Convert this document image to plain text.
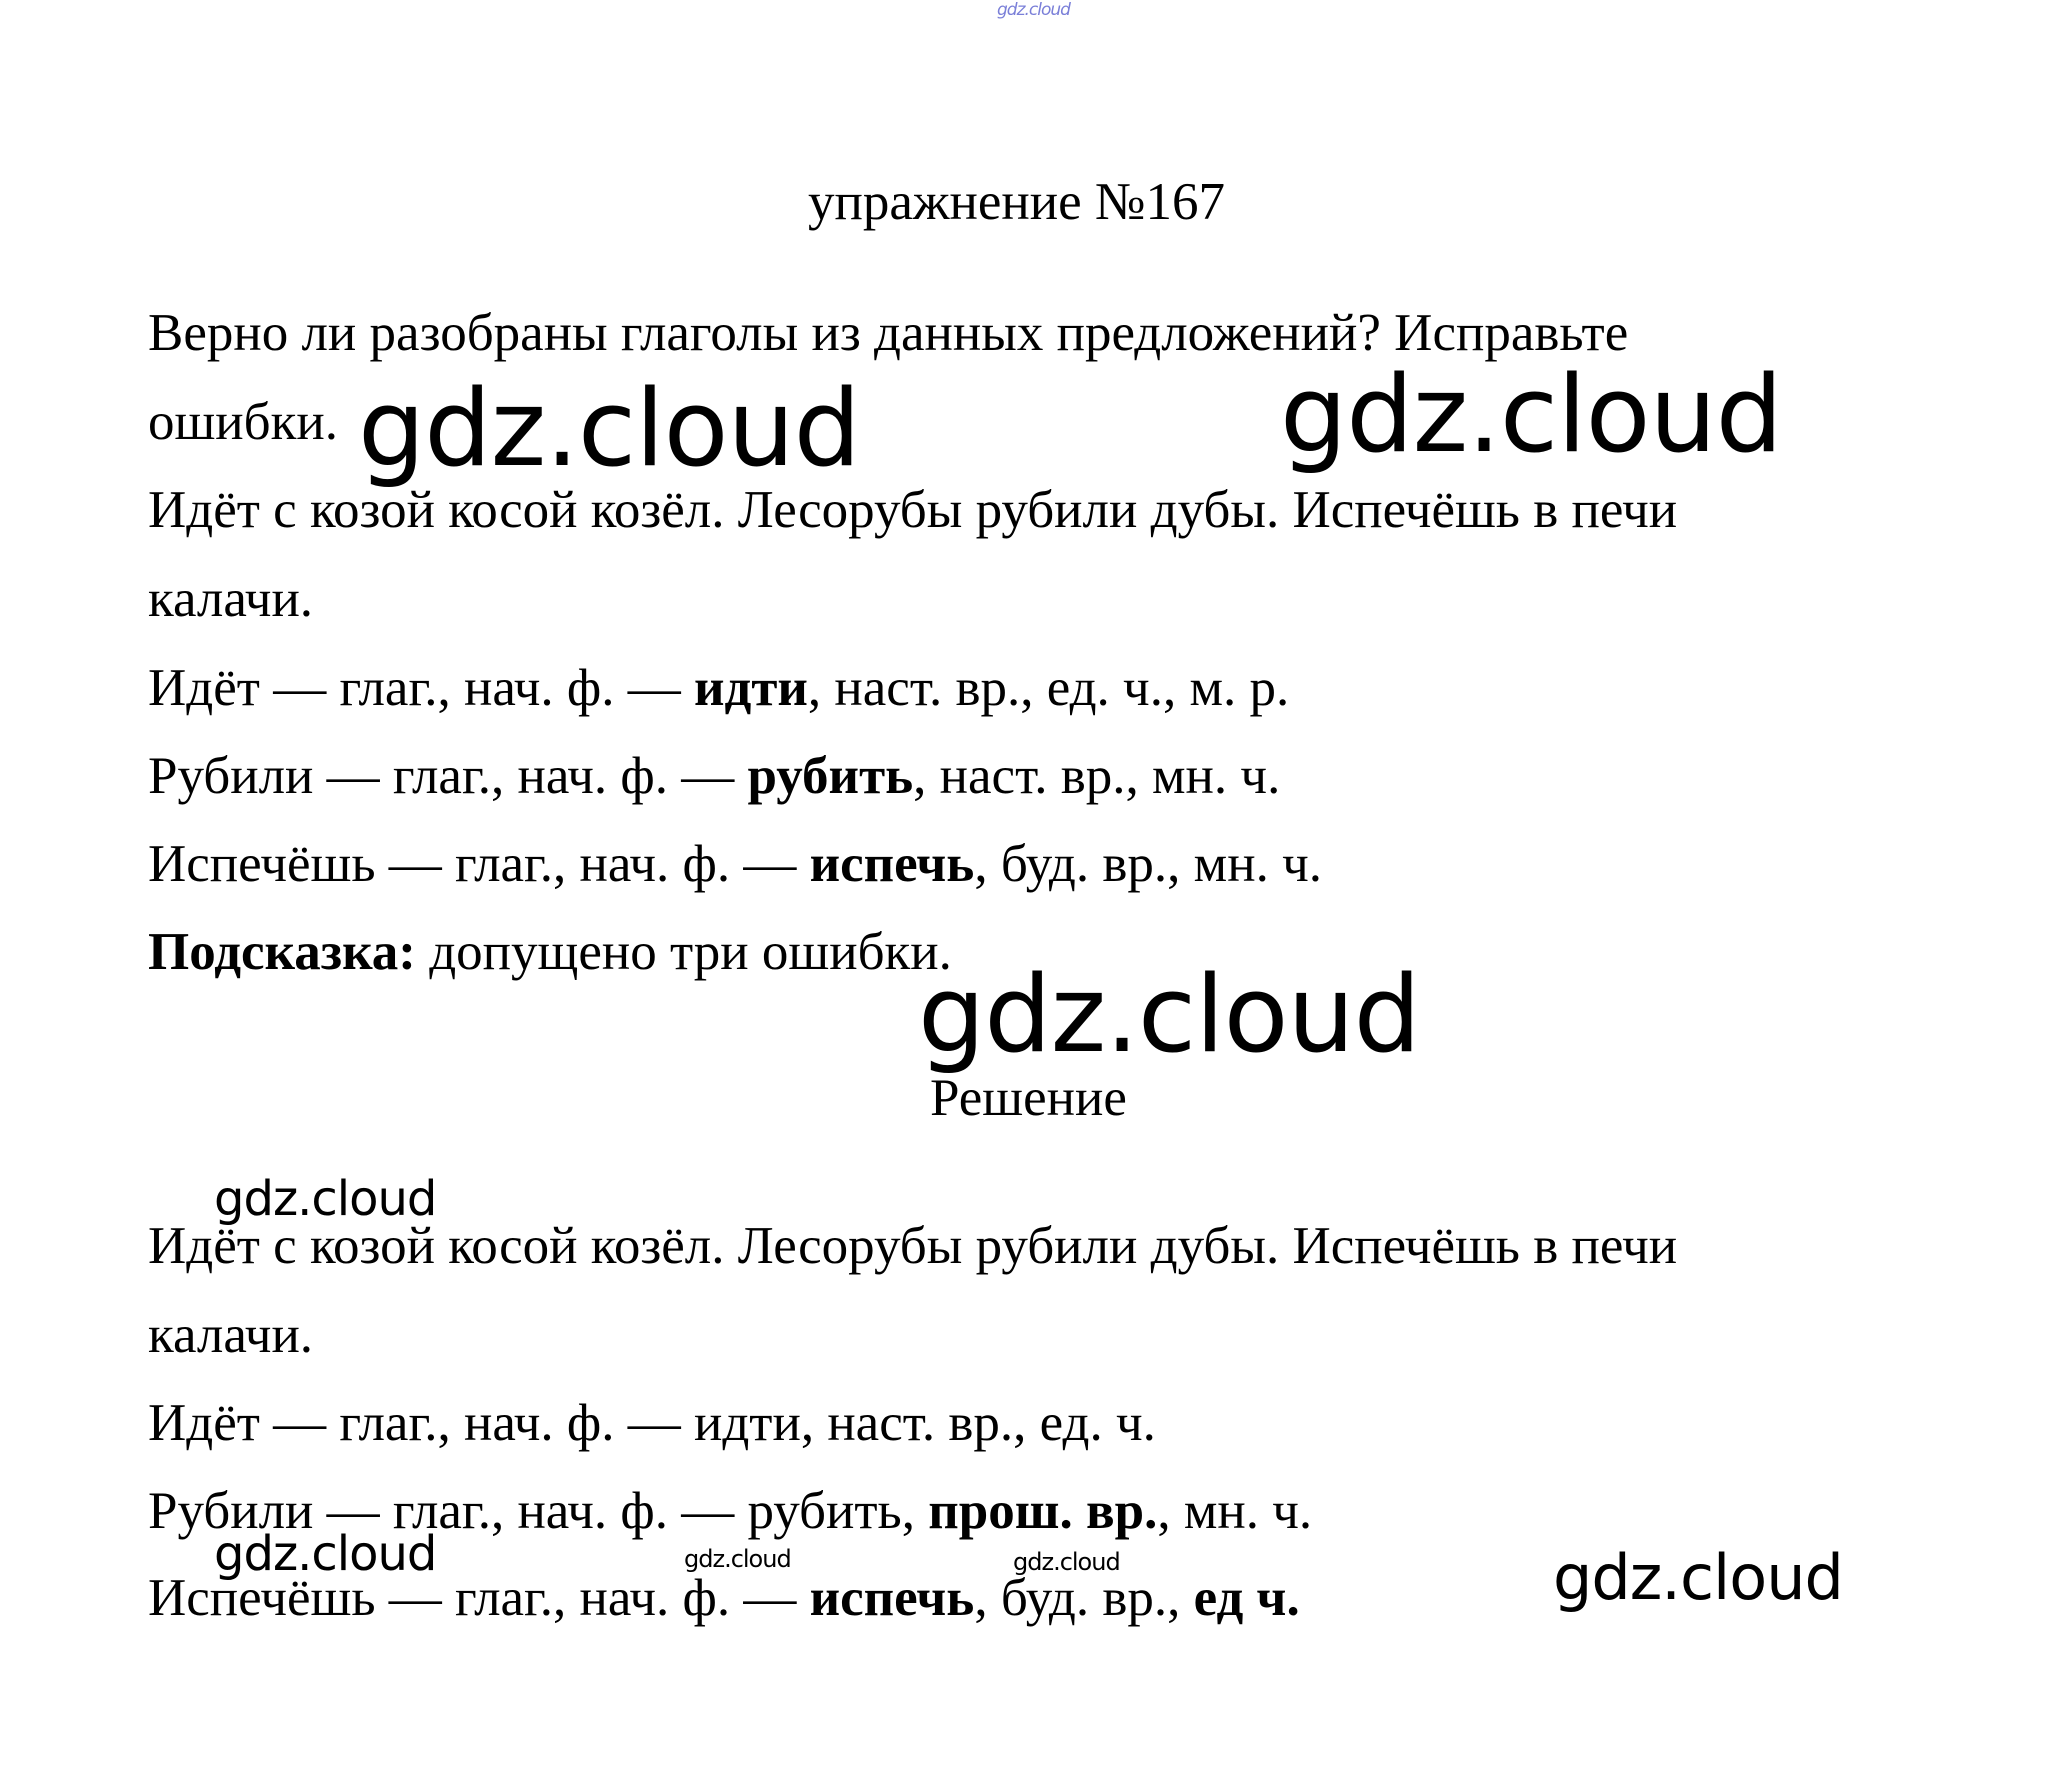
gdz.cloud
упражнение №167
Верно ли разобраны глаголы из данных предложений? Исправьте
ошибки. gdz.cloud	gdz.cloud
Идёт с козой косой козёл. Лесорубы рубили дубы. Испечёшь в печи
калачи.
Идёт — глаг., нач. ф. — идти, наст. вр., ед. ч., м. р.
Рубили — глаг., нач. ф. — рубить, наст. вр., мн. ч.
Испечёшь — глаг., нач. ф. — испечь, буд. вр., мн. ч.
Подсказка: допущено три ошибки.
gdz.cloud
Решение
gdz.cloud
Идёт с козой косой козёл. Лесорубы рубили дубы. Испечёшь в печи
калачи.
Идёт — глаг., нач. ф. — идти, наст. вр., ед. ч.
Рубили — глаг., нач. ф. — рубить, прош. вр., мн. ч.
gdz.cloud	gdz.cloud	gdz.cloud
Испечёшь — глаг., нач. ф. — испечь, буд. вр., ед ч.	gdz.cloud
